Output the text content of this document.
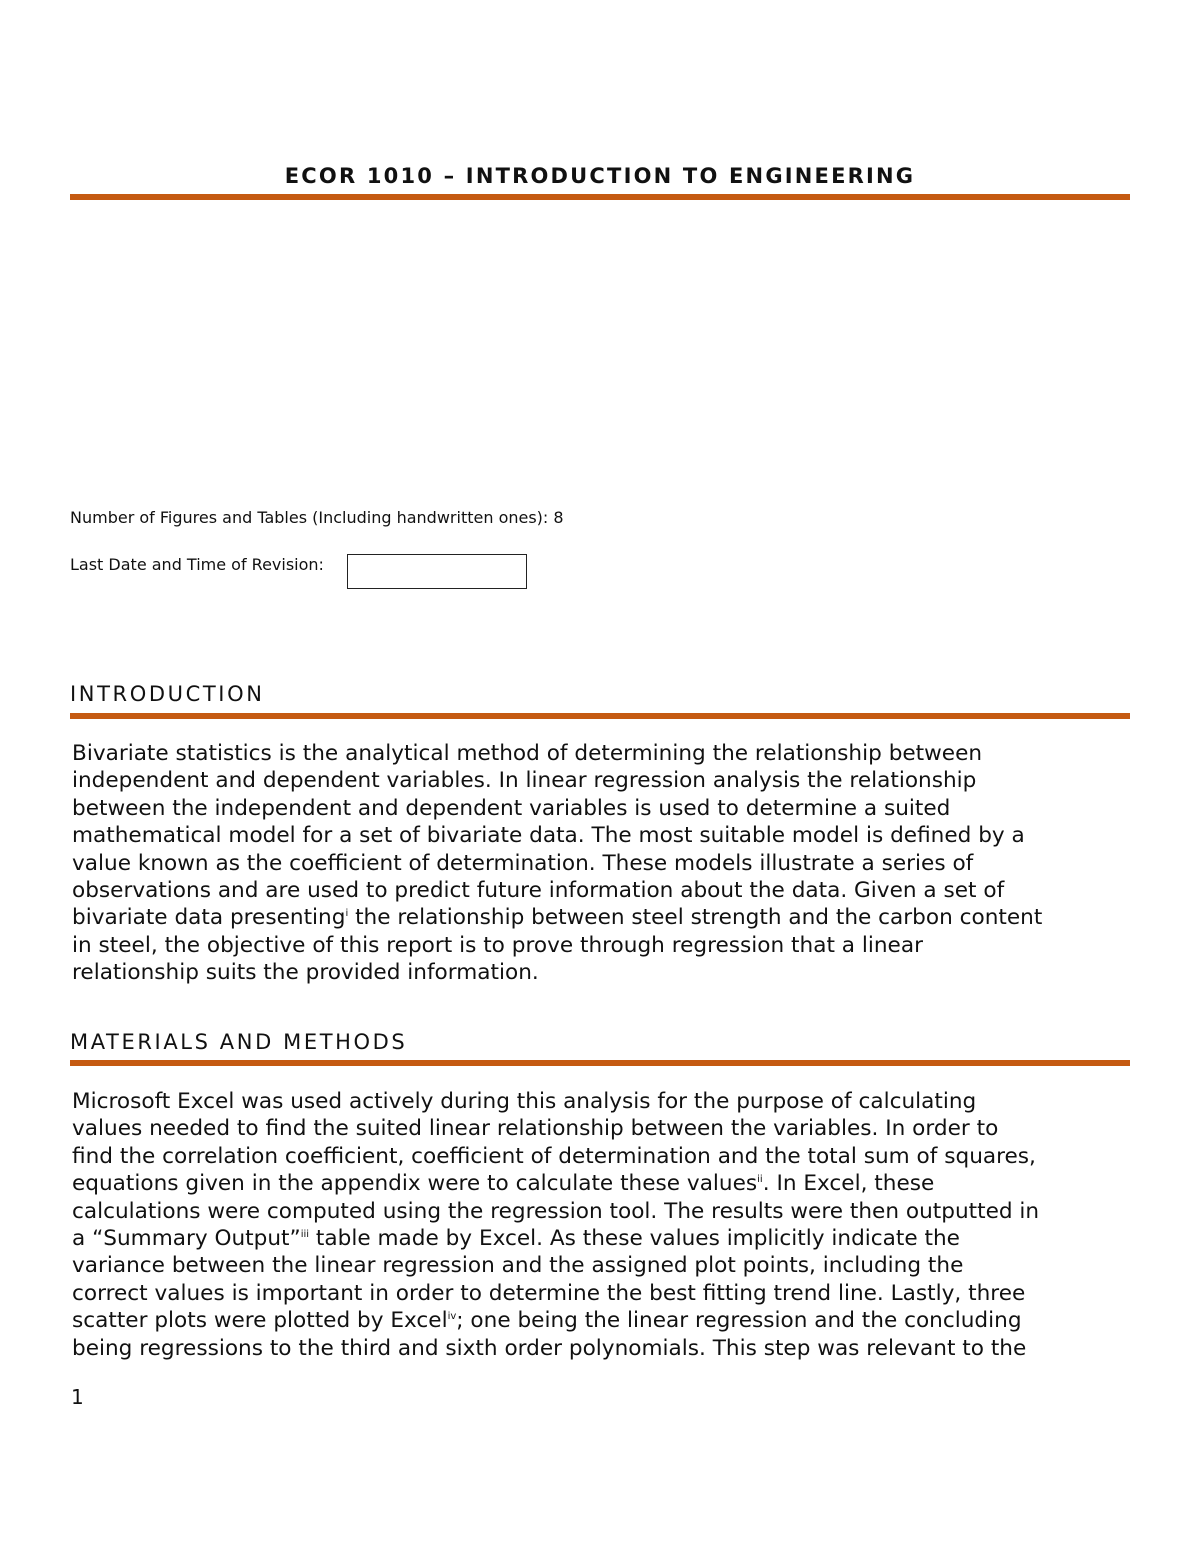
ECOR 1010 – INTRODUCTION TO ENGINEERING
Number of Figures and Tables (Including handwritten ones): 8
Last Date and Time of Revision:
INTRODUCTION
Bivariate statistics is the analytical method of determining the relationship between
independent and dependent variables. In linear regression analysis the relationship
between the independent and dependent variables is used to determine a suited
mathematical model for a set of bivariate data. The most suitable model is defined by a
value known as the coefficient of determination. These models illustrate a series of
observations and are used to predict future information about the data. Given a set of
bivariate data presenting$^i$ the relationship between steel strength and the carbon content
in steel, the objective of this report is to prove through regression that a linear
relationship suits the provided information.
MATERIALS AND METHODS
Microsoft Excel was used actively during this analysis for the purpose of calculating
values needed to find the suited linear relationship between the variables. In order to
find the correlation coefficient, coefficient of determination and the total sum of squares,
equations given in the appendix were to calculate these values$^{ii}$. In Excel, these
calculations were computed using the regression tool. The results were then outputted in
a “Summary Output”$^{iii}$ table made by Excel. As these values implicitly indicate the
variance between the linear regression and the assigned plot points, including the
correct values is important in order to determine the best fitting trend line. Lastly, three
scatter plots were plotted by Excel$^{iv}$; one being the linear regression and the concluding
being regressions to the third and sixth order polynomials. This step was relevant to the
1
